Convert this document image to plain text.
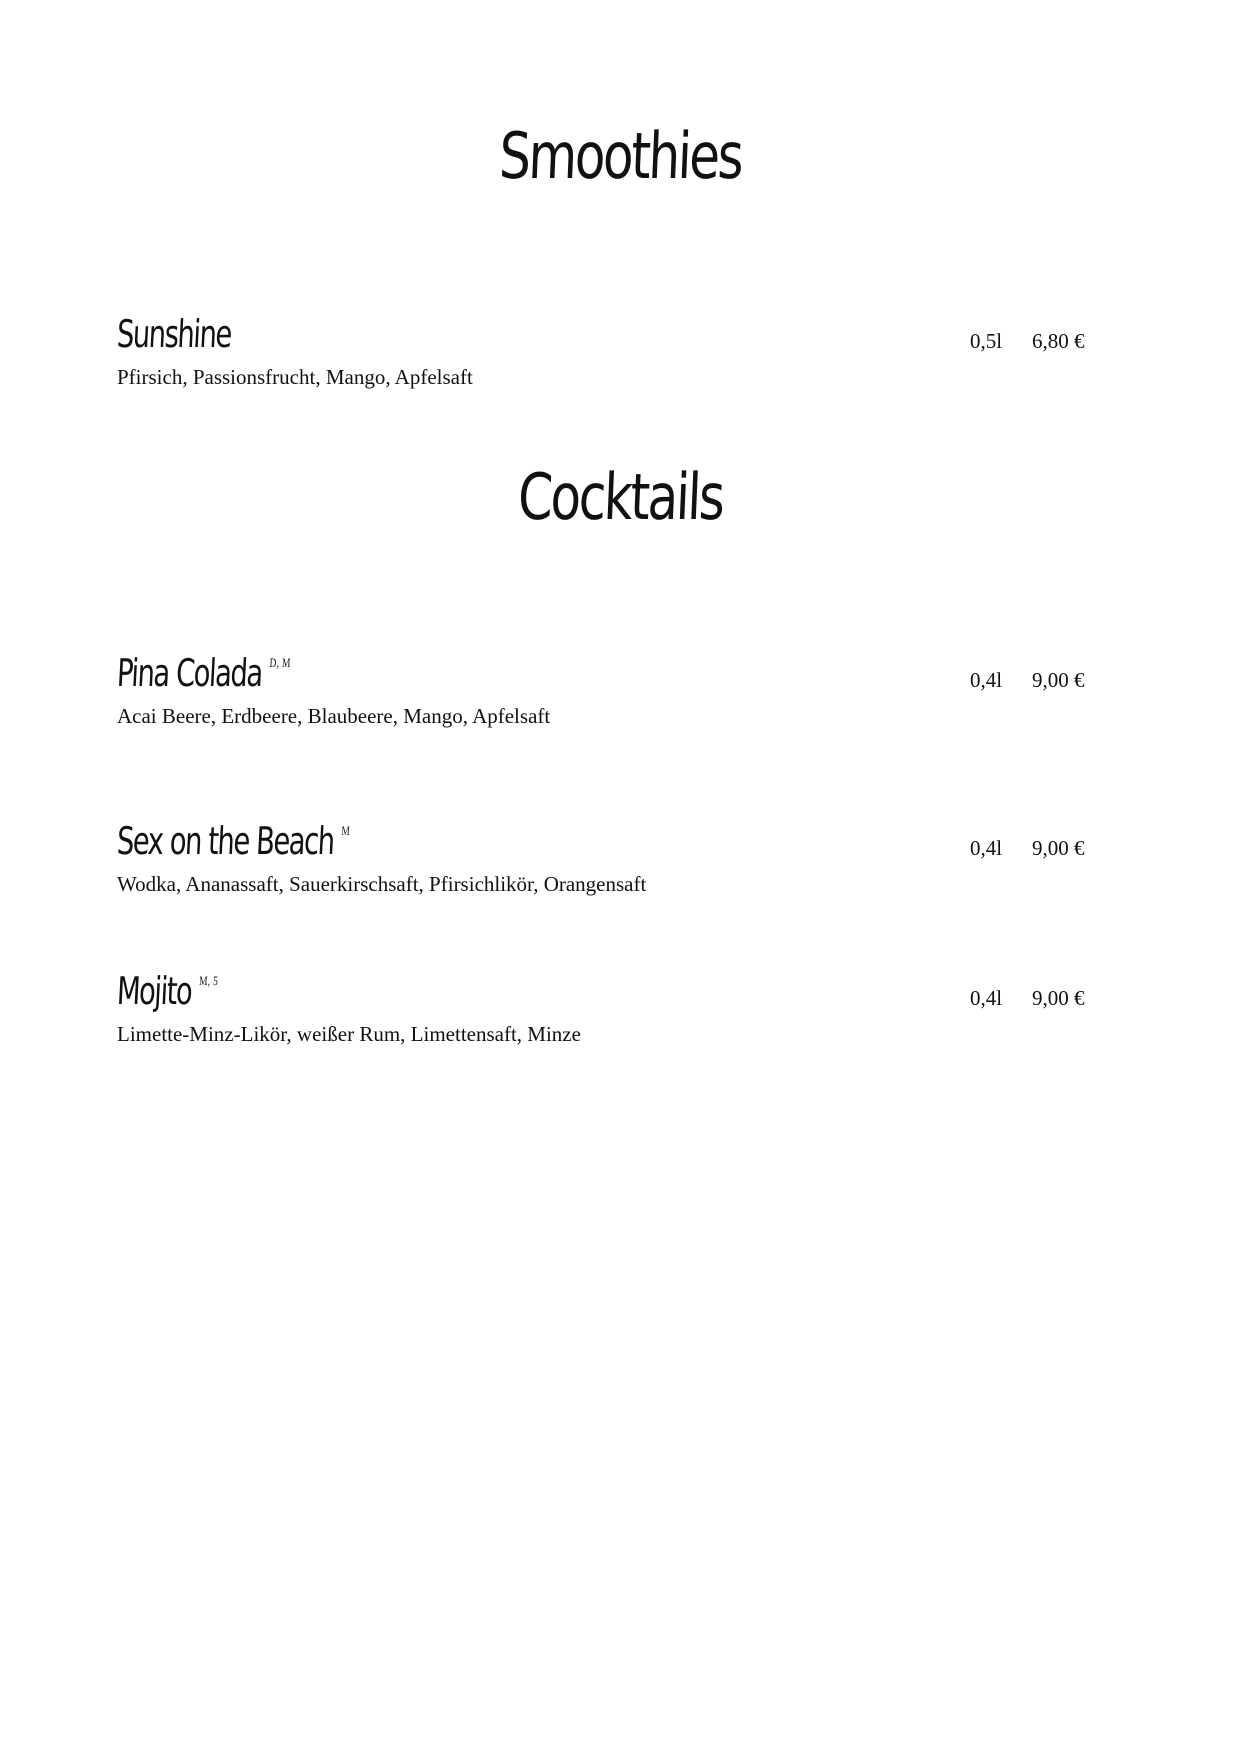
Smoothies
Sunshine	0,5l 6,80 €
Pfirsich, Passionsfrucht, Mango, Apfelsaft
Cocktails
Pina Colada $^{D, M}$
0,4l 9,00 €
Acai Beere, Erdbeere, Blaubeere, Mango, Apfelsaft
Sex on the Beach $^M$
0,4l 9,00 €
Wodka, Ananassaft, Sauerkirschsaft, Pfirsichlikör, Orangensaft
Mojito $^{M, 5}$
0,4l 9,00 €
Limette-Minz-Likör, weißer Rum, Limettensaft, Minze
